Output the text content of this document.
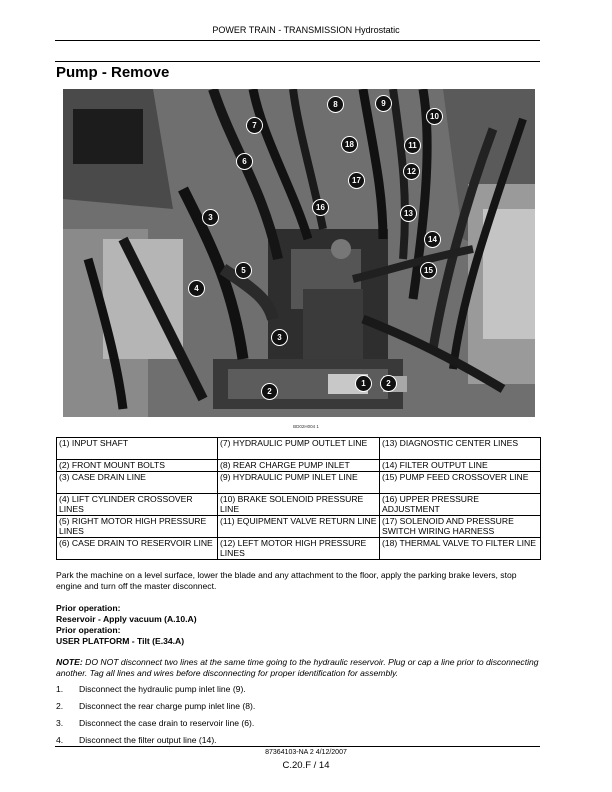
POWER TRAIN - TRANSMISSION Hydrostatic
Pump - Remove
8	9
10
7
18	11
6
12
17
13
3
16
14
5	15
4
3
1
2
2
BD02H004 1
(1) INPUT SHAFT	(7) HYDRAULIC PUMP OUTLET LINE	(13) DIAGNOSTIC CENTER LINES
(2) FRONT MOUNT BOLTS	(8) REAR CHARGE PUMP INLET	(14) FILTER OUTPUT LINE
(3) CASE DRAIN LINE	(9) HYDRAULIC PUMP INLET LINE	(15) PUMP FEED CROSSOVER LINE
(4) LIFT CYLINDER CROSSOVER LINES	(10) BRAKE SOLENOID PRESSURE LINE	(16) UPPER PRESSURE ADJUSTMENT
(5) RIGHT MOTOR HIGH PRESSURE LINES	(11) EQUIPMENT VALVE RETURN LINE	(17) SOLENOID AND PRESSURE SWITCH WIRING HARNESS
(6) CASE DRAIN TO RESERVOIR LINE	(12) LEFT MOTOR HIGH PRESSURE LINES	(18) THERMAL VALVE TO FILTER LINE
Park the machine on a level surface, lower the blade and any attachment to the floor, apply the parking brake levers, stop engine and turn off the master disconnect.
Prior operation:
Reservoir - Apply vacuum (A.10.A)
Prior operation:
USER PLATFORM - Tilt (E.34.A)
NOTE: DO NOT disconnect two lines at the same time going to the hydraulic reservoir. Plug or cap a line prior to disconnecting another. Tag all lines and wires before disconnecting for proper identification for assembly.
1. Disconnect the hydraulic pump inlet line (9).
2. Disconnect the rear charge pump inlet line (8).
3. Disconnect the case drain to reservoir line (6).
4. Disconnect the filter output line (14).
87364103-NA 2 4/12/2007
C.20.F / 14
